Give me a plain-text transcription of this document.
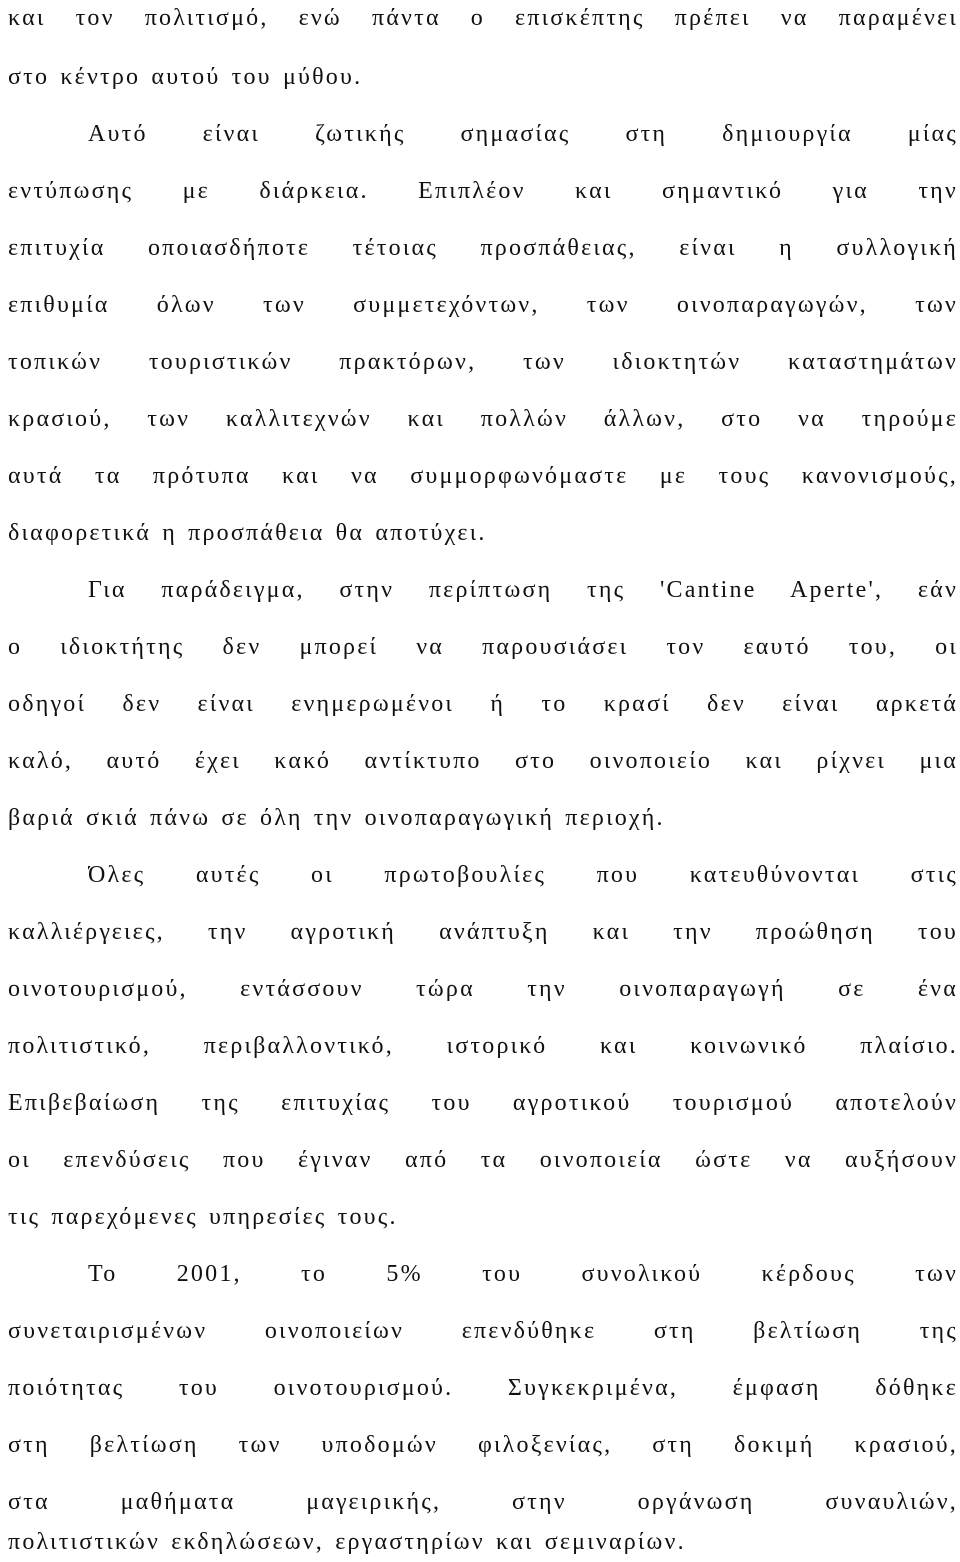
και τον πολιτισμό, ενώ πάντα ο επισκέπτης πρέπει να παραμένει
στο κέντρο αυτού του μύθου.
Αυτό είναι ζωτικής σημασίας στη δημιουργία μίας
εντύπωσης με διάρκεια. Επιπλέον και σημαντικό για την
επιτυχία οποιασδήποτε τέτοιας προσπάθειας, είναι η συλλογική
επιθυμία όλων των συμμετεχόντων, των οινοπαραγωγών, των
τοπικών τουριστικών πρακτόρων, των ιδιοκτητών καταστημάτων
κρασιού, των καλλιτεχνών και πολλών άλλων, στο να τηρούμε
αυτά τα πρότυπα και να συμμορφωνόμαστε με τους κανονισμούς,
διαφορετικά η προσπάθεια θα αποτύχει.
Για παράδειγμα, στην περίπτωση της 'Cantine Aperte', εάν
ο ιδιοκτήτης δεν μπορεί να παρουσιάσει τον εαυτό του, οι
οδηγοί δεν είναι ενημερωμένοι ή το κρασί δεν είναι αρκετά
καλό, αυτό έχει κακό αντίκτυπο στο οινοποιείο και ρίχνει μια
βαριά σκιά πάνω σε όλη την οινοπαραγωγική περιοχή.
Όλες αυτές οι πρωτοβουλίες που κατευθύνονται στις
καλλιέργειες, την αγροτική ανάπτυξη και την προώθηση του
οινοτουρισμού, εντάσσουν τώρα την οινοπαραγωγή σε ένα
πολιτιστικό, περιβαλλοντικό, ιστορικό και κοινωνικό πλαίσιο.
Επιβεβαίωση της επιτυχίας του αγροτικού τουρισμού αποτελούν
οι επενδύσεις που έγιναν από τα οινοποιεία ώστε να αυξήσουν
τις παρεχόμενες υπηρεσίες τους.
Το 2001, το 5% του συνολικού κέρδους των
συνεταιρισμένων οινοποιείων επενδύθηκε στη βελτίωση της
ποιότητας του οινοτουρισμού. Συγκεκριμένα, έμφαση δόθηκε
στη βελτίωση των υποδομών φιλοξενίας, στη δοκιμή κρασιού,
στα μαθήματα μαγειρικής, στην οργάνωση συναυλιών,
πολιτιστικών εκδηλώσεων, εργαστηρίων και σεμιναρίων.
